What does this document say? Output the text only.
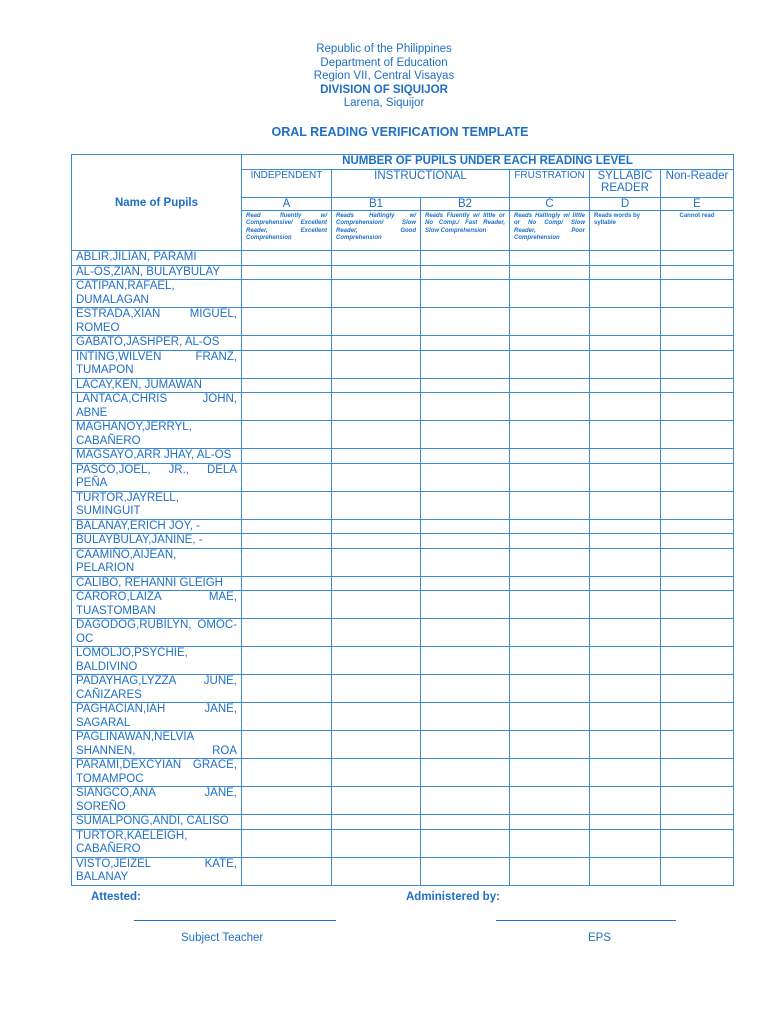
Republic of the Philippines
Department of Education
Region VII, Central Visayas
DIVISION OF SIQUIJOR
Larena, Siquijor
ORAL READING VERIFICATION TEMPLATE
Name of Pupils	NUMBER OF PUPILS UNDER EACH READING LEVEL					
	INDEPENDENT	INSTRUCTIONAL		FRUSTRATION	SYLLABIC READER	Non-Reader
	A	B1	B2	C	D	E
	Read fluently w/ Comprehensive/ Excellent Reader, Excellent Comprehension	Reads Haltingly w/ Comprehension/ Slow Reader, Good Comprehension	Reads Fluently w/ little or No Comp./ Fast Reader, Slow Comprehension	Reads Haltingly w/ little or No Comp/ Slow Reader, Poor Comprehension	Reads words by syllable	Cannot read
ABLIR,JILIAN, PARAMI						
AL-OS,ZIAN, BULAYBULAY						
CATIPAN,RAFAEL, DUMALAGAN						
ESTRADA,XIAN MIGUEL, ROMEO						
GABATO,JASHPER, AL-OS						
INTING,WILVEN FRANZ, TUMAPON						
LACAY,KEN, JUMAWAN						
LANTACA,CHRIS JOHN, ABNE						
MAGHANOY,JERRYL, CABAÑERO						
MAGSAYO,ARR JHAY, AL-OS						
PASCO,JOEL, JR., DELA PEÑA						
TURTOR,JAYRELL, SUMINGUIT						
BALANAY,ERICH JOY, -						
BULAYBULAY,JANINE, -						
CAAMIÑO,AIJEAN, PELARION						
CALIBO, REHANNI GLEIGH						
CARORO,LAIZA MAE, TUASTOMBAN						
DAGODOG,RUBILYN, OMOC-OC						
LOMOLJO,PSYCHIE, BALDIVINO						
PADAYHAG,LYZZA JUNE, CAÑIZARES						
PAGHACIAN,IAH JANE, SAGARAL						
PAGLINAWAN,NELVIA SHANNEN, ROA						
PARAMI,DEXCYIAN GRACE, TOMAMPOC						
SIANGCO,ANA JANE, SOREÑO						
SUMALPONG,ANDI, CALISO						
TURTOR,KAELEIGH, CABAÑERO						
VISTO,JEIZEL KATE, BALANAY						
Attested:	Administered by:
Subject Teacher	EPS
